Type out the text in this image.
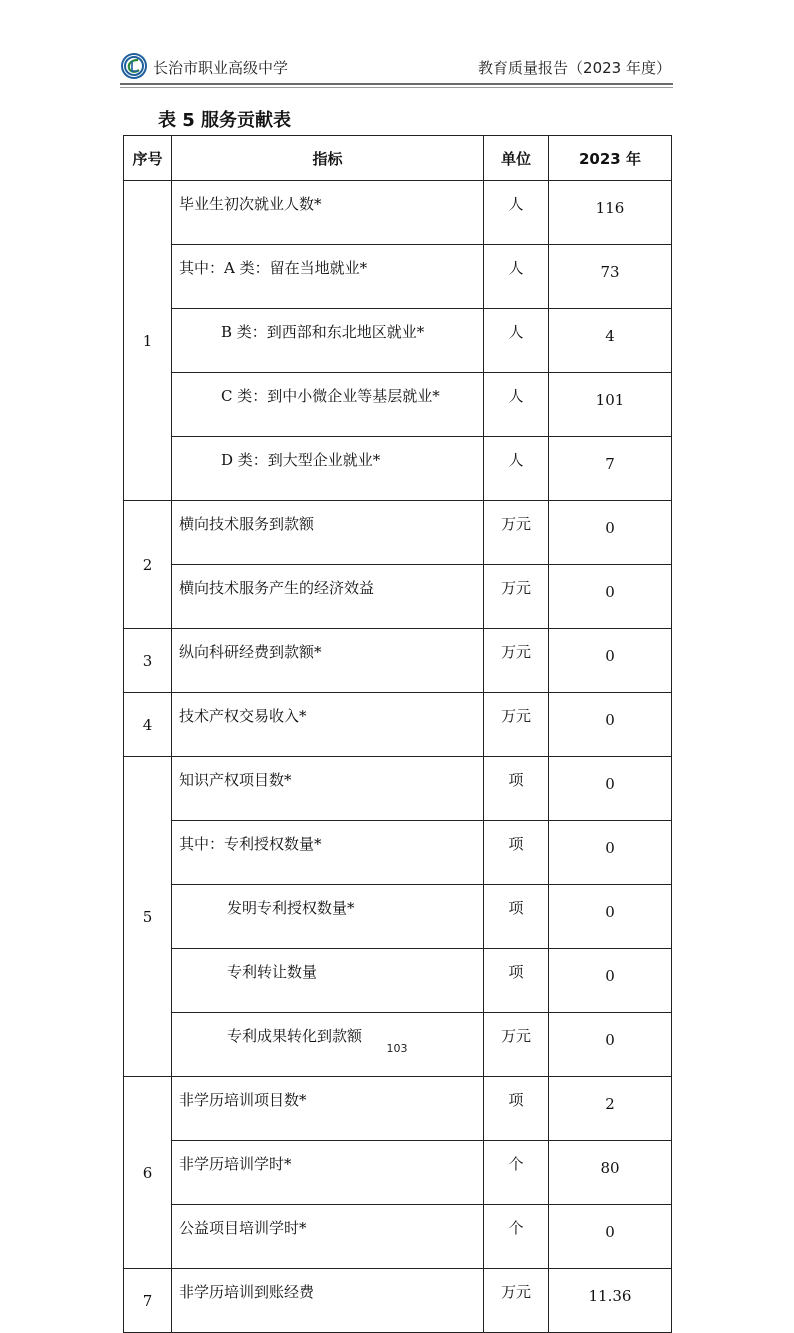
长治市职业高级中学	教育质量报告（2023 年度）
表 5 服务贡献表
序号	指标	单位	2023 年
1	毕业生初次就业人数*	人	116
	其中：A 类：留在当地就业*	人	73
	B 类：到西部和东北地区就业*	人	4
	C 类：到中小微企业等基层就业*	人	101
	D 类：到大型企业就业*	人	7
2	横向技术服务到款额	万元	0
	横向技术服务产生的经济效益	万元	0
3	纵向科研经费到款额*	万元	0
4	技术产权交易收入*	万元	0
5	知识产权项目数*	项	0
	其中：专利授权数量*	项	0
	发明专利授权数量*	项	0
	专利转让数量	项	0
	专利成果转化到款额	万元	0
6	非学历培训项目数*	项	2
	非学历培训学时*	个	80
	公益项目培训学时*	个	0
7	非学历培训到账经费	万元	11.36
103
